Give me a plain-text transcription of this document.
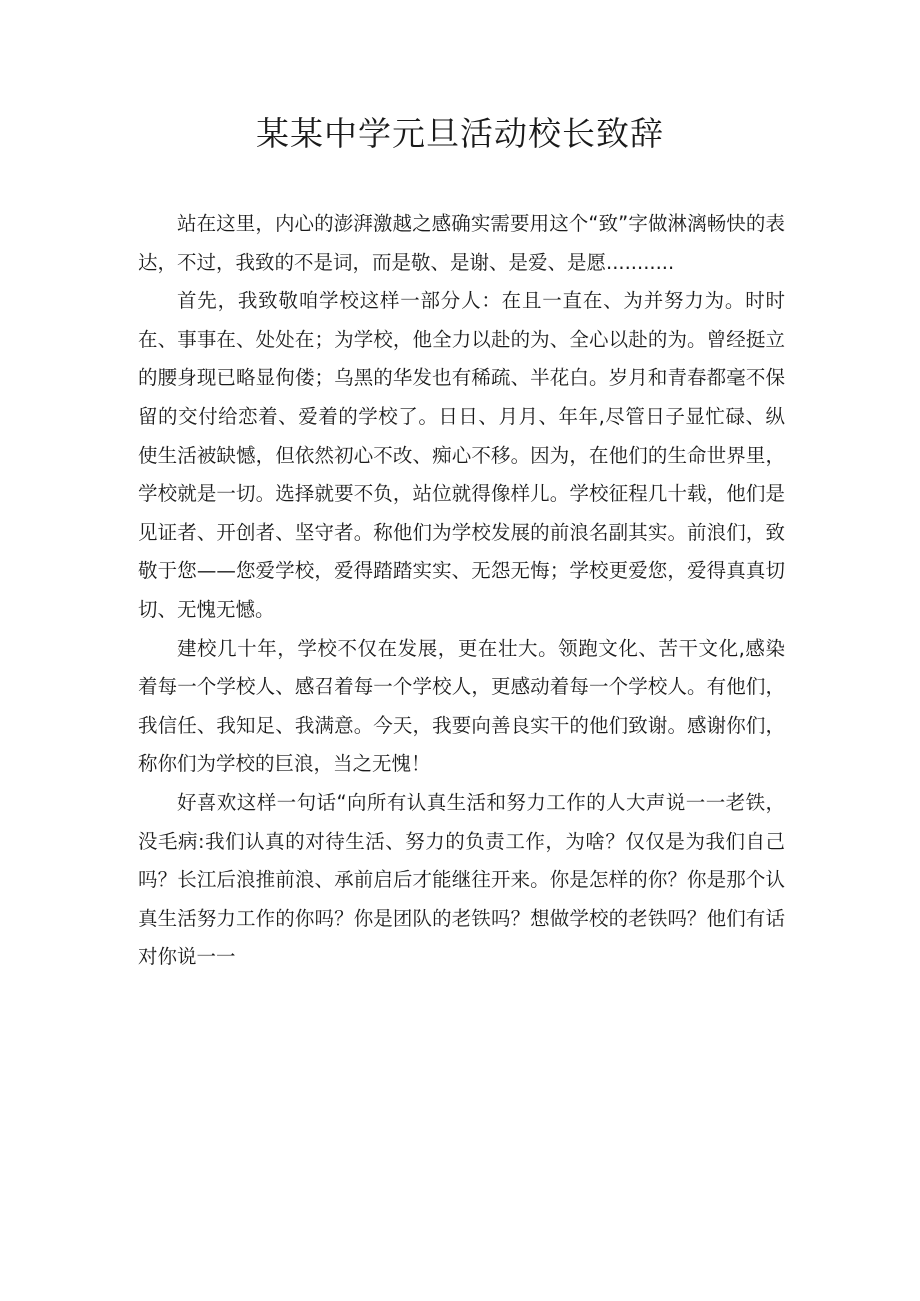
某某中学元旦活动校长致辞

站在这里，内心的澎湃激越之感确实需要用这个“致”字做淋漓畅快的表达，不过，我致的不是词，而是敬、是谢、是爱、是愿...........

首先，我致敬咱学校这样一部分人：在且一直在、为并努力为。时时在、事事在、处处在；为学校，他全力以赴的为、全心以赴的为。曾经挺立的腰身现已略显佝偻；乌黑的华发也有稀疏、半花白。岁月和青春都毫不保留的交付给恋着、爱着的学校了。日日、月月、年年,尽管日子显忙碌、纵使生活被缺憾，但依然初心不改、痴心不移。因为，在他们的生命世界里，学校就是一切。选择就要不负，站位就得像样儿。学校征程几十载，他们是见证者、开创者、坚守者。称他们为学校发展的前浪名副其实。前浪们，致敬于您——您爱学校，爱得踏踏实实、无怨无悔；学校更爱您，爱得真真切切、无愧无憾。

建校几十年，学校不仅在发展，更在壮大。领跑文化、苦干文化,感染着每一个学校人、感召着每一个学校人，更感动着每一个学校人。有他们，我信任、我知足、我满意。今天，我要向善良实干的他们致谢。感谢你们，称你们为学校的巨浪，当之无愧！

好喜欢这样一句话“向所有认真生活和努力工作的人大声说一一老铁，没毛病:我们认真的对待生活、努力的负责工作，为啥？仅仅是为我们自己吗？长江后浪推前浪、承前启后才能继往开来。你是怎样的你？你是那个认真生活努力工作的你吗？你是团队的老铁吗？想做学校的老铁吗？他们有话对你说一一
